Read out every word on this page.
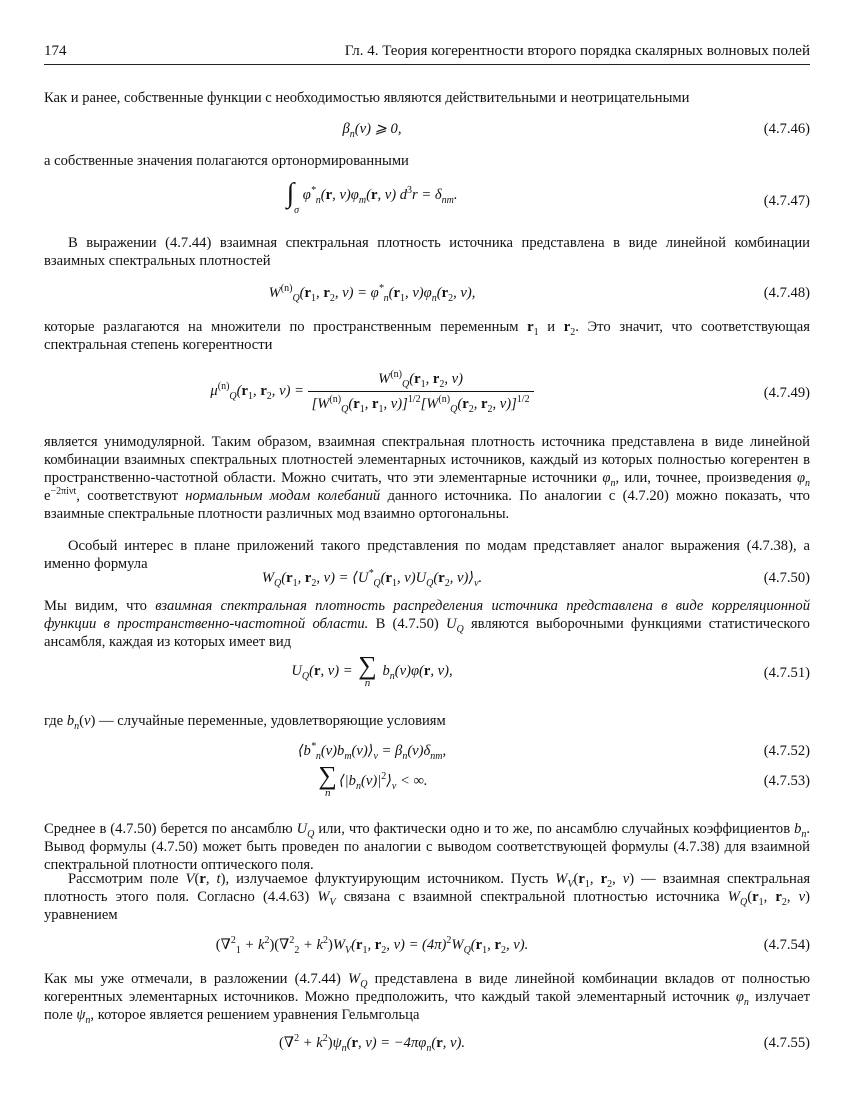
174	Гл. 4. Теория когерентности второго порядка скалярных волновых полей
Как и ранее, собственные функции с необходимостью являются действительными и неотрицательными
$\beta_n(\nu)$ ⩾ 0,	(4.7.46)
а собственные значения полагаются ортонормированными
$\int_\sigma$ $\varphi^*_n(r$, $\nu)\varphi_m(r$, ν) $d^3r = \delta_{nm}$.	(4.7.47)
В выражении (4.7.44) взаимная спектральная плотность источника представлена в виде линейной комбинации взаимных спектральных плотностей
$W^{(n)}_Q(r_1$, $r_2$, $\nu) = \varphi^*_n(r_1$, $\nu)\varphi_n(r_2$, ν),	(4.7.48)
которые разлагаются на множители по пространственным переменным $r_1$ и $r_2$. Это значит, что соответствующая спектральная степень когерентности
$\mu^{(n)}_Q(r_1$, $r_2$, $\nu) = \frac{W^{(n)}_Q(r_1, r_2, \nu)}{[W^{(n)}_Q(r_1, r_1, \nu)]^{1/2}[W^{(n)}_Q(r_2, r_2, \nu)]^{1/2}}$	(4.7.49)
является унимодулярной. Таким образом, взаимная спектральная плотность источника представлена в виде линейной комбинации взаимных спектральных плотностей элементарных источников, каждый из которых полностью когерентен в пространственно-частотной области. Можно считать, что эти элементарные источники $\varphi_n$, или, точнее, произведения $\varphi_n$ $e^{-2\pi i\nu t}$, соответствуют нормальным модам колебаний данного источника. По аналогии с (4.7.20) можно показать, что взаимные спектральные плотности различных мод взаимно ортогональны.
Особый интерес в плане приложений такого представления по модам представляет аналог выражения (4.7.38), а именно формула
$W_Q(r_1$, $r_2$, $\nu) = ⟨U^*_Q(r_1$, $\nu)U_Q(r_2$, $\nu)⟩_\nu$.	(4.7.50)
Мы видим, что взаимная спектральная плотность распределения источника представлена в виде корреляционной функции в пространственно-частотной области. В (4.7.50) $U_Q$ являются выборочными функциями статистического ансамбля, каждая из которых имеет вид
$U_Q(r$, ν) = ∑
n
$b_n(\nu)\varphi(r$, ν),	(4.7.51)
где $b_n(\nu)$ — случайные переменные, удовлетворяющие условиям
$⟨b^*_n(\nu)b_m(\nu)⟩_\nu = \beta_n(\nu)\delta_{nm}$,	(4.7.52)
∑
n
$⟨|b_n(\nu)|^2⟩_\nu$ < ∞.	(4.7.53)
Среднее в (4.7.50) берется по ансамблю $U_Q$ или, что фактически одно и то же, по ансамблю случайных коэффициентов $b_n$. Вывод формулы (4.7.50) может быть проведен по аналогии с выводом соответствующей формулы (4.7.38) для взаимной спектральной плотности оптического поля.
Рассмотрим поле V(r, t), излучаемое флуктуирующим источником. Пусть $W_V(r_1$, $r_2$, ν) — взаимная спектральная плотность этого поля. Согласно (4.4.63) $W_V$ связана с взаимной спектральной плотностью источника $W_Q(r_1$, $r_2$, ν) уравнением
$(\nabla^2_1 + k^2)(\nabla^2_2 + k^2)W_V(r_1$, $r_2$, $\nu) = (4\pi)^2W_Q(r_1$, $r_2$, ν).	(4.7.54)
Как мы уже отмечали, в разложении (4.7.44) $W_Q$ представлена в виде линейной комбинации вкладов от полностью когерентных элементарных источников. Можно предположить, что каждый такой элементарный источник $\varphi_n$ излучает поле $\psi_n$, которое является решением уравнения Гельмгольца
$(\nabla^2 + k^2)\psi_n(r$, $\nu) = -4\pi\varphi_n(r$, ν).	(4.7.55)
